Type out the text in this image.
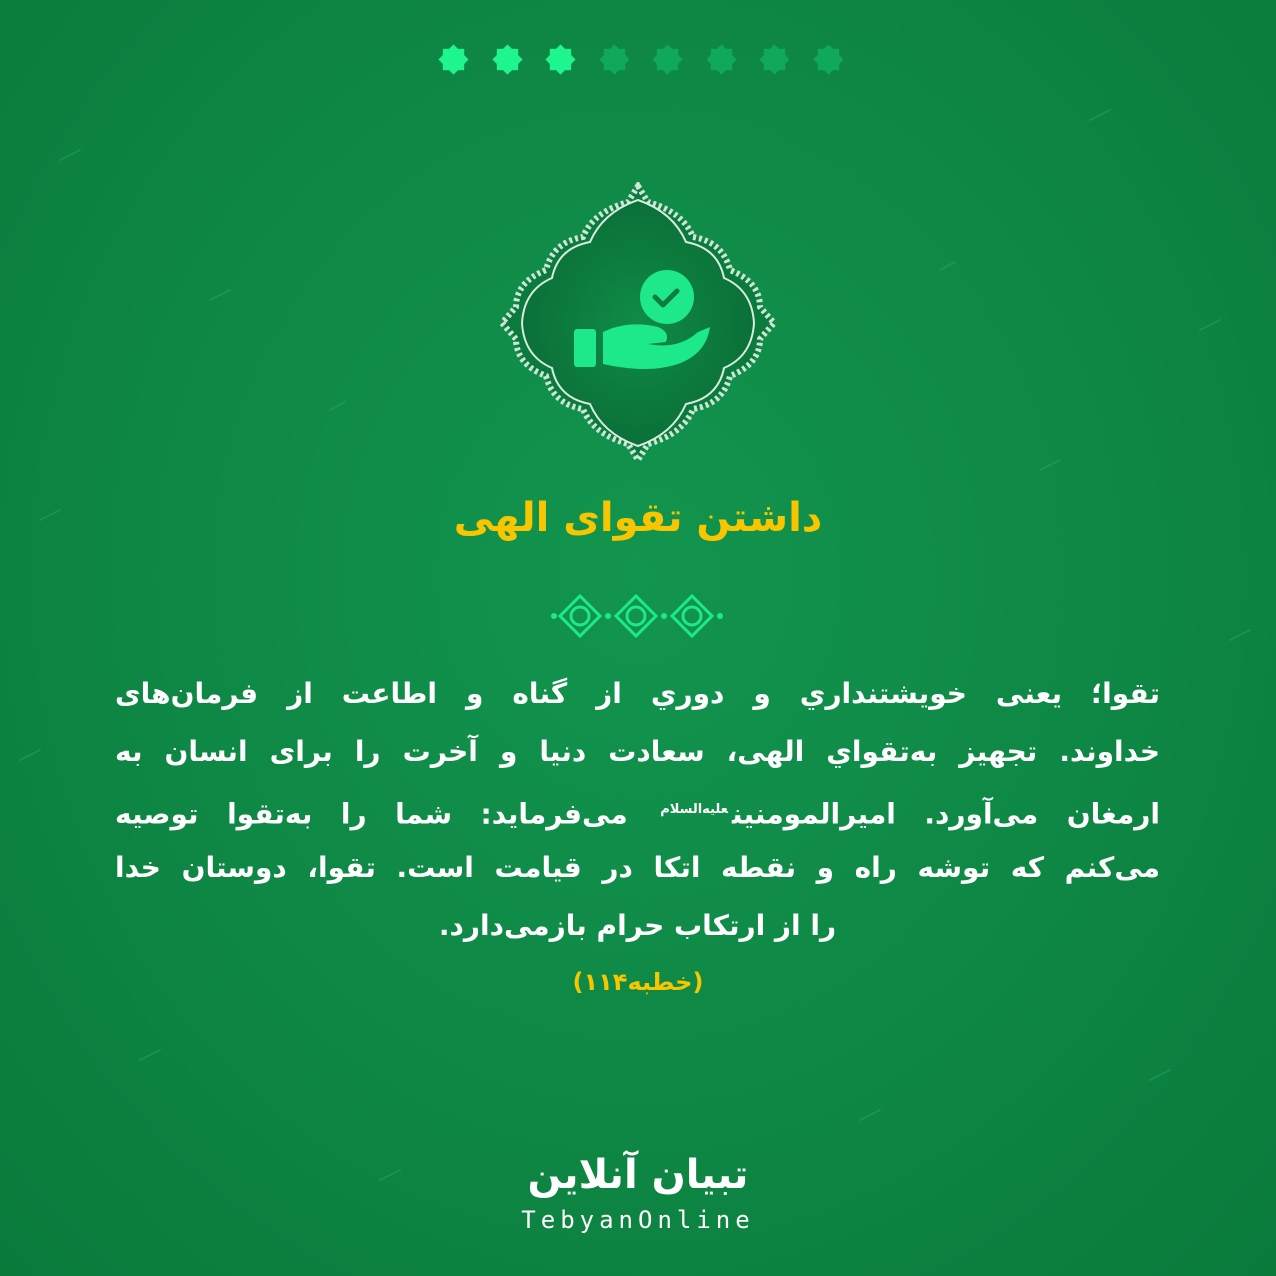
داشتن تقوای الهی
تقوا؛ یعنی خویشتنداري و دوري از گناه و اطاعت از فرمان‌های
خداوند. تجهیز به‌تقواي الهی، سعادت دنیا و آخرت را برای انسان به
ارمغان می‌آورد. امیرالمومنین$^{علیه‌السلام}$ می‌فرماید: شما را به‌تقوا توصیه
می‌کنم که توشه راه و نقطه اتکا در قیامت است. تقوا، دوستان خدا
را از ارتکاب حرام بازمی‌دارد.
(خطبه۱۱۴)
تبیان آنلاین
TebyanOnline
